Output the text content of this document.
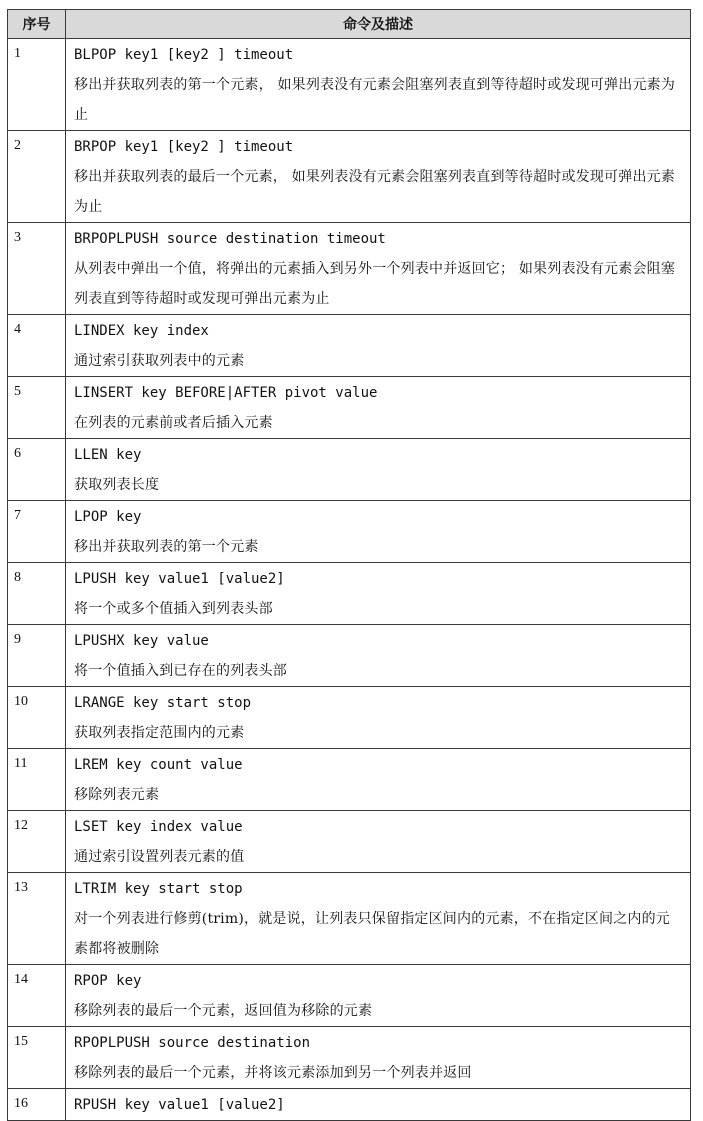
序号	命令及描述
1	BLPOP key1 [key2 ] timeout
移出并获取列表的第一个元素， 如果列表没有元素会阻塞列表直到等待超时或发现可弹出元素为止

2	BRPOP key1 [key2 ] timeout
移出并获取列表的最后一个元素， 如果列表没有元素会阻塞列表直到等待超时或发现可弹出元素为止

3	BRPOPLPUSH source destination timeout
从列表中弹出一个值，将弹出的元素插入到另外一个列表中并返回它； 如果列表没有元素会阻塞列表直到等待超时或发现可弹出元素为止

4	LINDEX key index
通过索引获取列表中的元素

5	LINSERT key BEFORE|AFTER pivot value
在列表的元素前或者后插入元素

6	LLEN key
获取列表长度

7	LPOP key
移出并获取列表的第一个元素

8	LPUSH key value1 [value2]
将一个或多个值插入到列表头部

9	LPUSHX key value
将一个值插入到已存在的列表头部

10	LRANGE key start stop
获取列表指定范围内的元素

11	LREM key count value
移除列表元素

12	LSET key index value
通过索引设置列表元素的值

13	LTRIM key start stop
对一个列表进行修剪(trim)，就是说，让列表只保留指定区间内的元素，不在指定区间之内的元素都将被删除

14	RPOP key
移除列表的最后一个元素，返回值为移除的元素

15	RPOPLPUSH source destination
移除列表的最后一个元素，并将该元素添加到另一个列表并返回

16	RPUSH key value1 [value2]
